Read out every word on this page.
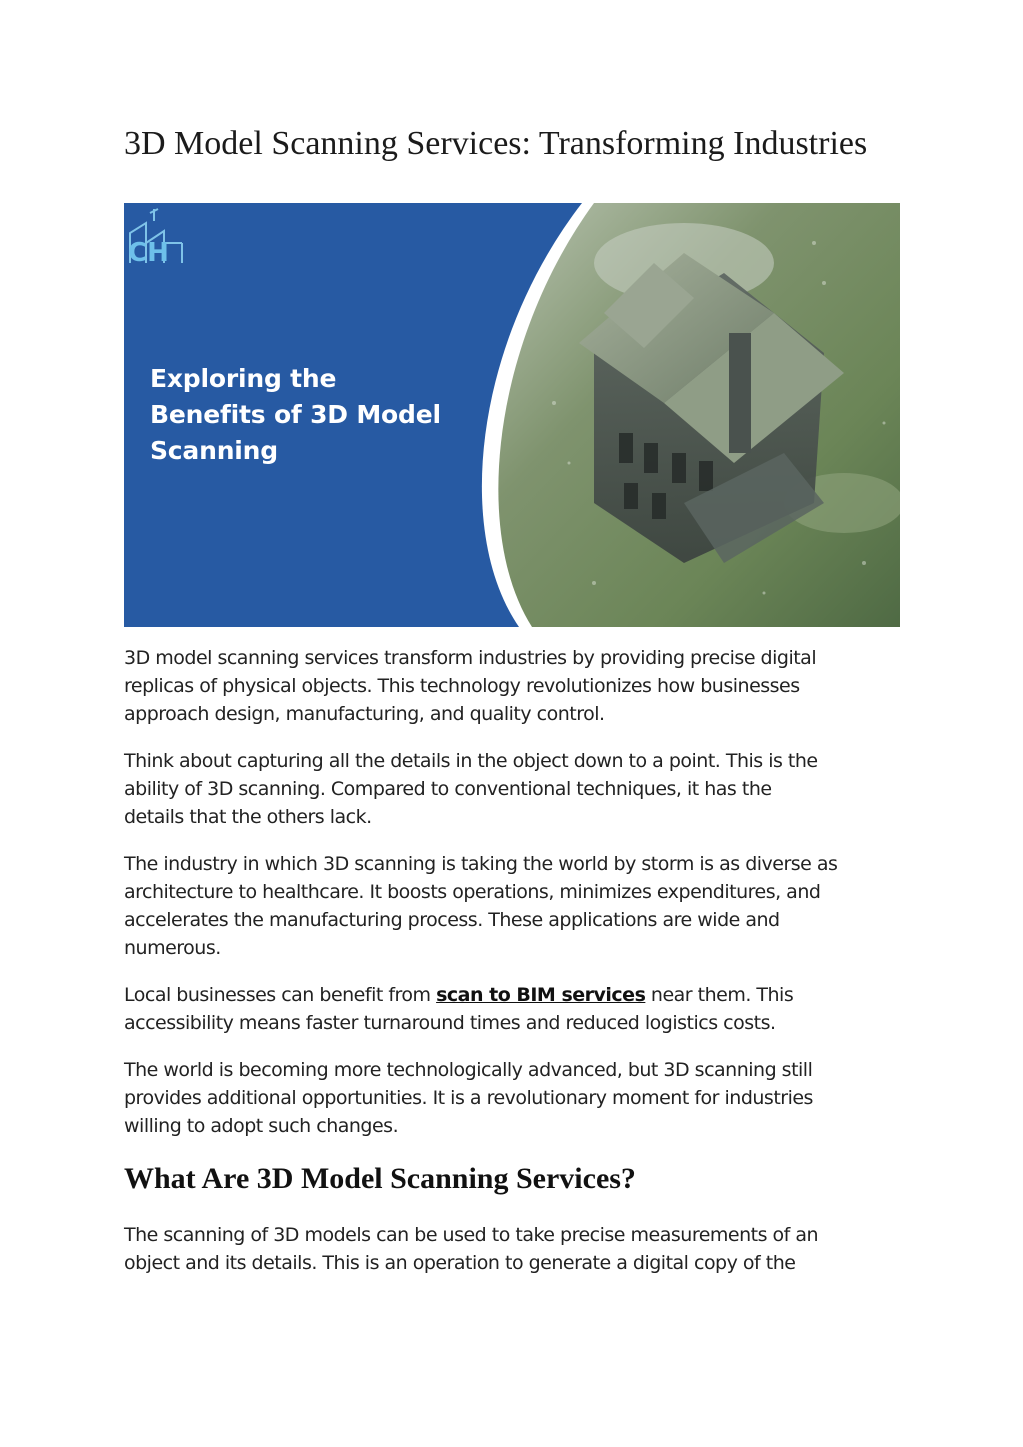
3D Model Scanning Services: Transforming Industries
CH

Exploring the
Benefits of 3D Model
Scanning

3D model scanning services transform industries by providing precise digital
replicas of physical objects. This technology revolutionizes how businesses
approach design, manufacturing, and quality control.

Think about capturing all the details in the object down to a point. This is the
ability of 3D scanning. Compared to conventional techniques, it has the
details that the others lack.

The industry in which 3D scanning is taking the world by storm is as diverse as
architecture to healthcare. It boosts operations, minimizes expenditures, and
accelerates the manufacturing process. These applications are wide and
numerous.

Local businesses can benefit from scan to BIM services near them. This
accessibility means faster turnaround times and reduced logistics costs.

The world is becoming more technologically advanced, but 3D scanning still
provides additional opportunities. It is a revolutionary moment for industries
willing to adopt such changes.

What Are 3D Model Scanning Services?

The scanning of 3D models can be used to take precise measurements of an
object and its details. This is an operation to generate a digital copy of the
